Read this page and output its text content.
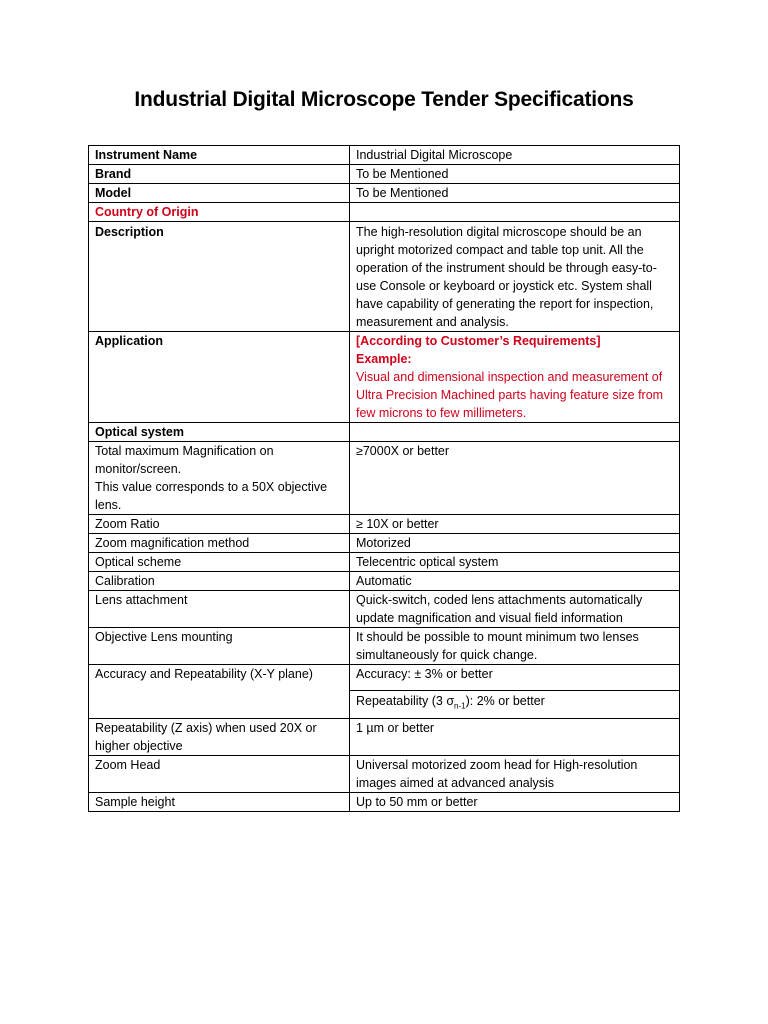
Industrial Digital Microscope Tender Specifications
Instrument Name	Industrial Digital Microscope
Brand	To be Mentioned
Model	To be Mentioned
Country of Origin	
Description	The high-resolution digital microscope should be an upright motorized compact and table top unit. All the operation of the instrument should be through easy-to-use Console or keyboard or joystick etc. System shall have capability of generating the report for inspection, measurement and analysis.
Application	[According to Customer’s Requirements]
Example:
Visual and dimensional inspection and measurement of Ultra Precision Machined parts having feature size from few microns to few millimeters.

Optical system	

Total maximum Magnification on monitor/screen.
This value corresponds to a 50X objective lens.	≥7000X or better
Zoom Ratio	≥ 10X or better
Zoom magnification method	Motorized
Optical scheme	Telecentric optical system
Calibration	Automatic
Lens attachment	Quick-switch, coded lens attachments automatically update magnification and visual field information
Objective Lens mounting	It should be possible to mount minimum two lenses simultaneously for quick change.
Accuracy and Repeatability (X-Y plane)	Accuracy: ± 3% or better
	Repeatability (3 $\sigma_{n-1}$): 2% or better
Repeatability (Z axis) when used 20X or higher objective	1 µm or better
Zoom Head	Universal motorized zoom head for High-resolution images aimed at advanced analysis
Sample height	Up to 50 mm or better
